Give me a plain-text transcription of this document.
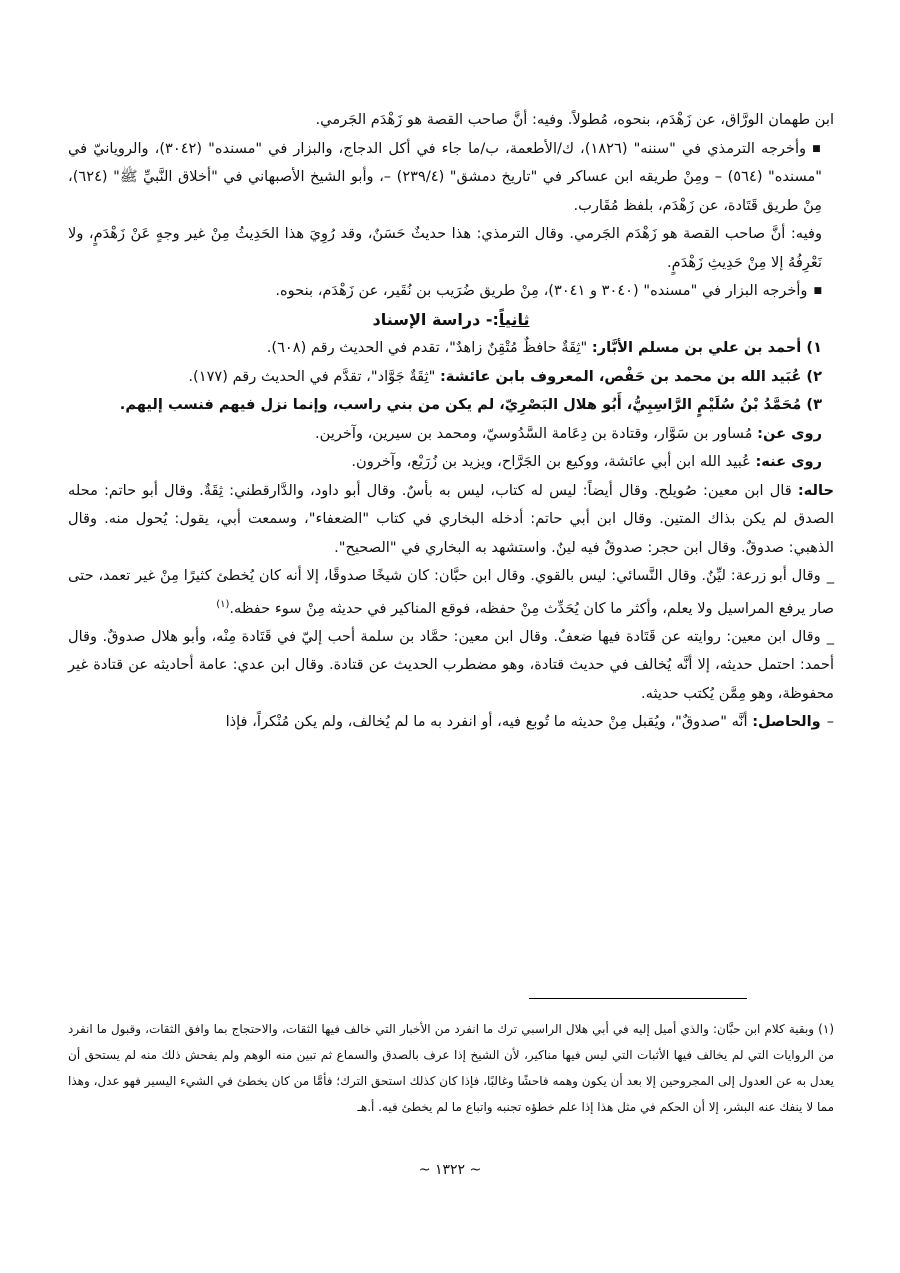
ابن طهمان الورَّاق، عن زَهْدَم، بنحوه، مُطولاً. وفيه: أنَّ صاحب القصة هو زَهْدَم الجَرمي.

■ وأخرجه الترمذي في "سننه" (١٨٢٦)، ك/الأطعمة، ب/ما جاء في أكل الدجاج، والبزار في "مسنده" (٣٠٤٢)، والرويانيّ في "مسنده" (٥٦٤) – ومِنْ طريقه ابن عساكر في "تاريخ دمشق" (٢٣٩/٤) –، وأبو الشيخ الأصبهاني في "أخلاق النَّبيِّ ﷺ" (٦٢٤)، مِنْ طريق قَتَادة، عن زَهْدَم، بلفظ مُقَارب.

وفيه: أنَّ صاحب القصة هو زَهْدَم الجَرمي. وقال الترمذي: هذا حديثٌ حَسَنٌ، وقد رُوِيَ هذا الحَدِيثُ مِنْ غير وجهٍ عَنْ زَهْدَمٍ، ولا نَعْرِفُهُ إلا مِنْ حَدِيثِ زَهْدَمٍ.

■ وأخرجه البزار في "مسنده" (٣٠٤٠ و ٣٠٤١)، مِنْ طريق ضُرَيب بن نُقَير، عن زَهْدَم، بنحوه.

ثانياً:- دراسة الإسناد

١) أحمد بن علي بن مسلم الأبَّار: "ثِقَةٌ حافظٌ مُتْقِنٌ زاهدٌ"، تقدم في الحديث رقم (٦٠٨).

٢) عُبَيد الله بن محمد بن حَفْص، المعروف بابن عائشة: "ثِقَةٌ جَوَّاد"، تقدَّم في الحديث رقم (١٧٧).

٣) مُحَمَّدُ بْنُ سُلَيْمٍ الرَّاسِبِيُّ، أَبُو هلال البَصْرِيّ، لم يكن من بني راسب، وإنما نزل فيهم فنسب إليهم.

روى عن: مُساور بن سَوَّار، وقتادة بن دِعَامة السَّدُوسيّ، ومحمد بن سيرين، وآخرين.

روى عنه: عُبيد الله ابن أبي عائشة، ووكيع بن الجَرَّاح، ويزيد بن زُرَيْع، وآخرون.

حاله: قال ابن معين: صُويلح. وقال أيضاً: ليس له كتاب، ليس به بأسٌ. وقال أبو داود، والدَّارقطني: ثِقَةٌ. وقال أبو حاتم: محله الصدق لم يكن بذاك المتين. وقال ابن أبي حاتم: أدخله البخاري في كتاب "الضعفاء"، وسمعت أبي، يقول: يُحول منه. وقال الذهبي: صدوقٌ. وقال ابن حجر: صدوقٌ فيه لينٌ. واستشهد به البخاري في "الصحيح".

_وقال أبو زرعة: ليِّنٌ. وقال النَّسائي: ليس بالقوي. وقال ابن حبَّان: كان شيخًا صدوقًا، إلا أنه كان يُخطئ كثيرًا مِنْ غير تعمد، حتى صار يرفع المراسيل ولا يعلم، وأكثر ما كان يُحَدِّث مِنْ حفظه، فوقع المناكير في حديثه مِنْ سوء حفظه.$^{(١)}$

_وقال ابن معين: روايته عن قَتَادة فيها ضعفٌ. وقال ابن معين: حمَّاد بن سلمة أحب إليّ في قَتَادة مِنْه، وأبو هلال صدوقٌ. وقال أحمد: احتمل حديثه، إلا أنَّه يُخالف في حديث قتادة، وهو مضطرب الحديث عن قتادة. وقال ابن عدي: عامة أحاديثه عن قتادة غير محفوظة، وهو مِمَّن يُكتب حديثه.

–والحاصل: أنَّه "صدوقٌ"، ويُقبل مِنْ حديثه ما تُوبع فيه، أو انفرد به ما لم يُخالف، ولم يكن مُنْكراً، فإذا

(١) وبقية كلام ابن حبَّان: والذي أميل إليه في أبي هلال الراسبي ترك ما انفرد من الأخبار التي خالف فيها الثقات، والاحتجاج بما وافق الثقات، وقبول ما انفرد من الروايات التي لم يخالف فيها الأثبات التي ليس فيها مناكير، لأن الشيخ إذا عرف بالصدق والسماع ثم تبين منه الوهم ولم يفحش ذلك منه لم يستحق أن يعدل به عن العدول إلى المجروحين إلا بعد أن يكون وهمه فاحشًا وغالبًا، فإذا كان كذلك استحق الترك؛ فأمَّا من كان يخطئ في الشيء اليسير فهو عدل، وهذا مما لا ينفك عنه البشر، إلا أن الحكم في مثل هذا إذا علم خطؤه تجنبه واتباع ما لم يخطئ فيه. أ.هـ

~ ١٣٢٢ ~
